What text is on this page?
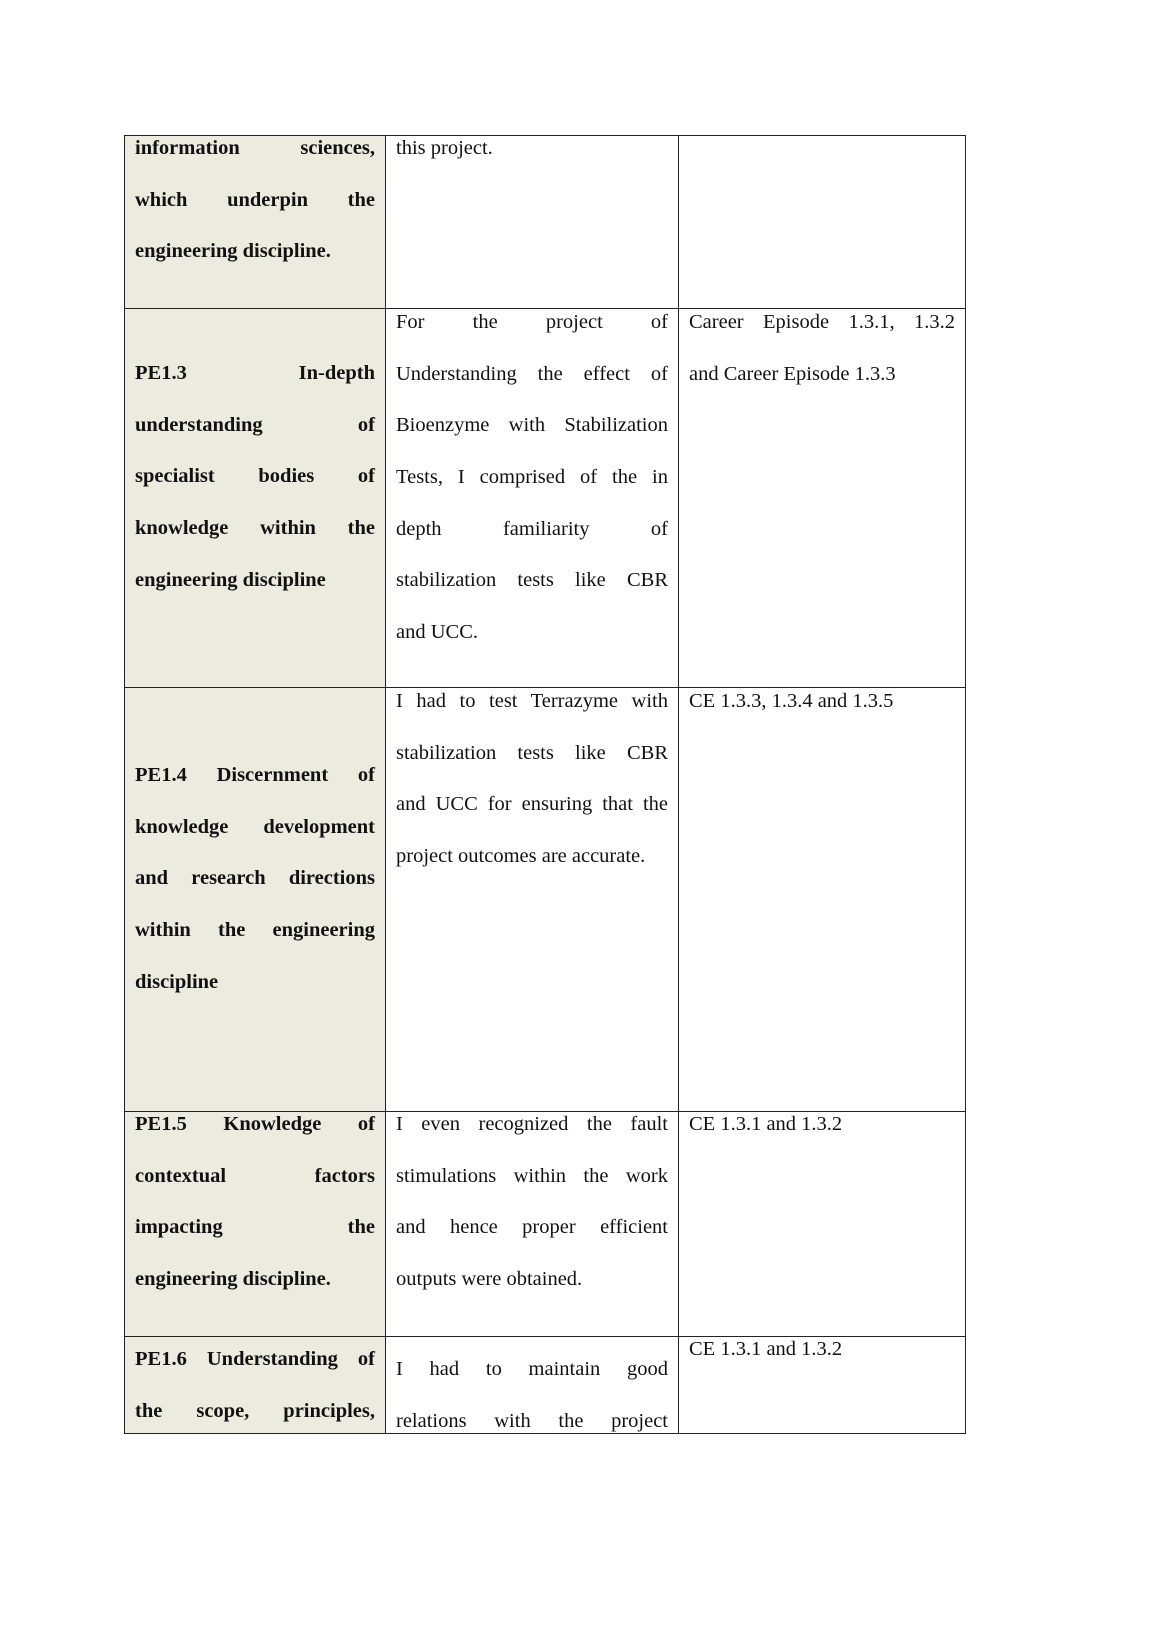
information sciences,
which underpin the
engineering discipline.
this project.
PE1.3 In-depth
understanding of
specialist bodies of
knowledge within the
engineering discipline
For the project of
Understanding the effect of
Bioenzyme with Stabilization
Tests, I comprised of the in
depth familiarity of
stabilization tests like CBR
and UCC.
Career Episode 1.3.1, 1.3.2
and Career Episode 1.3.3
PE1.4 Discernment of
knowledge development
and research directions
within the engineering
discipline
I had to test Terrazyme with
stabilization tests like CBR
and UCC for ensuring that the
project outcomes are accurate.
CE 1.3.3, 1.3.4 and 1.3.5
PE1.5 Knowledge of
contextual factors
impacting the
engineering discipline.
I even recognized the fault
stimulations within the work
and hence proper efficient
outputs were obtained.
CE 1.3.1 and 1.3.2
PE1.6 Understanding of
the scope, principles,
I had to maintain good
relations with the project
CE 1.3.1 and 1.3.2
